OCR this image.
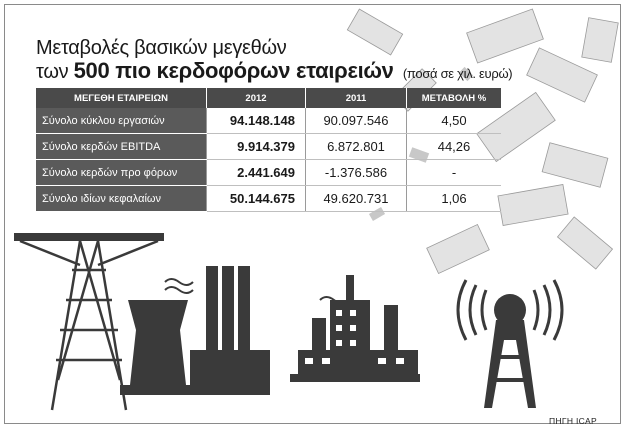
Μεταβολές βασικών μεγεθών
των 500 πιο κερδοφόρων εταιρειών (ποσά σε χιλ. ευρώ)
ΜΕΓΕΘΗ ΕΤΑΙΡΕΙΩΝ	2012	2011	ΜΕΤΑΒΟΛΗ %
Σύνολο κύκλου εργασιών	94.148.148	90.097.546	4,50
Σύνολο κερδών EBITDA	9.914.379	6.872.801	44,26
Σύνολο κερδών προ φόρων	2.441.649	-1.376.586	-
Σύνολο ιδίων κεφαλαίων	50.144.675	49.620.731	1,06
ΠΗΓΗ ICAP
